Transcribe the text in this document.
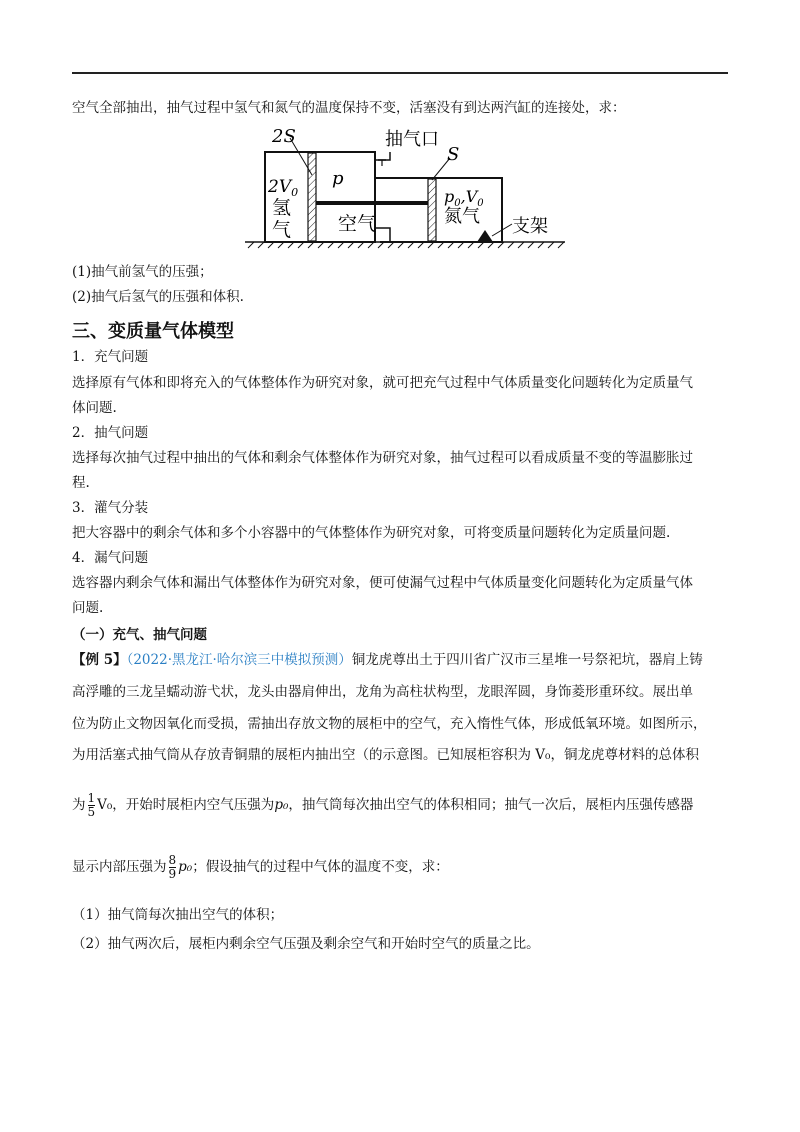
空气全部抽出，抽气过程中氢气和氮气的温度保持不变，活塞没有到达两汽缸的连接处，求：
2S	抽气口
S
$2V_0$
氢
气
p
空气
$p_0,V_0$
氮气 支架
(1)抽气前氢气的压强；
(2)抽气后氢气的压强和体积.
三、变质量气体模型
1．充气问题
选择原有气体和即将充入的气体整体作为研究对象，就可把充气过程中气体质量变化问题转化为定质量气
体问题.
2．抽气问题
选择每次抽气过程中抽出的气体和剩余气体整体作为研究对象，抽气过程可以看成质量不变的等温膨胀过
程.
3．灌气分装
把大容器中的剩余气体和多个小容器中的气体整体作为研究对象，可将变质量问题转化为定质量问题.
4．漏气问题
选容器内剩余气体和漏出气体整体作为研究对象，便可使漏气过程中气体质量变化问题转化为定质量气体
问题.
（一）充气、抽气问题
【例 5】（2022·黑龙江·哈尔滨三中模拟预测）铜龙虎尊出土于四川省广汉市三星堆一号祭祀坑，器肩上铸
高浮雕的三龙呈蠕动游弋状，龙头由器肩伸出，龙角为高柱状构型，龙眼浑圆，身饰菱形重环纹。展出单
位为防止文物因氧化而受损，需抽出存放文物的展柜中的空气，充入惰性气体，形成低氧环境。如图所示，
为用活塞式抽气筒从存放青铜鼎的展柜内抽出空（的示意图。已知展柜容积为 V₀，铜龙虎尊材料的总体积
为 $\frac{1}{5} V_0$，开始时展柜内空气压强为p₀，抽气筒每次抽出空气的体积相同；抽气一次后，展柜内压强传感器
显示内部压强为 $\frac{8}{9} p_0$；假设抽气的过程中气体的温度不变，求：
（1）抽气筒每次抽出空气的体积；
（2）抽气两次后，展柜内剩余空气压强及剩余空气和开始时空气的质量之比。
